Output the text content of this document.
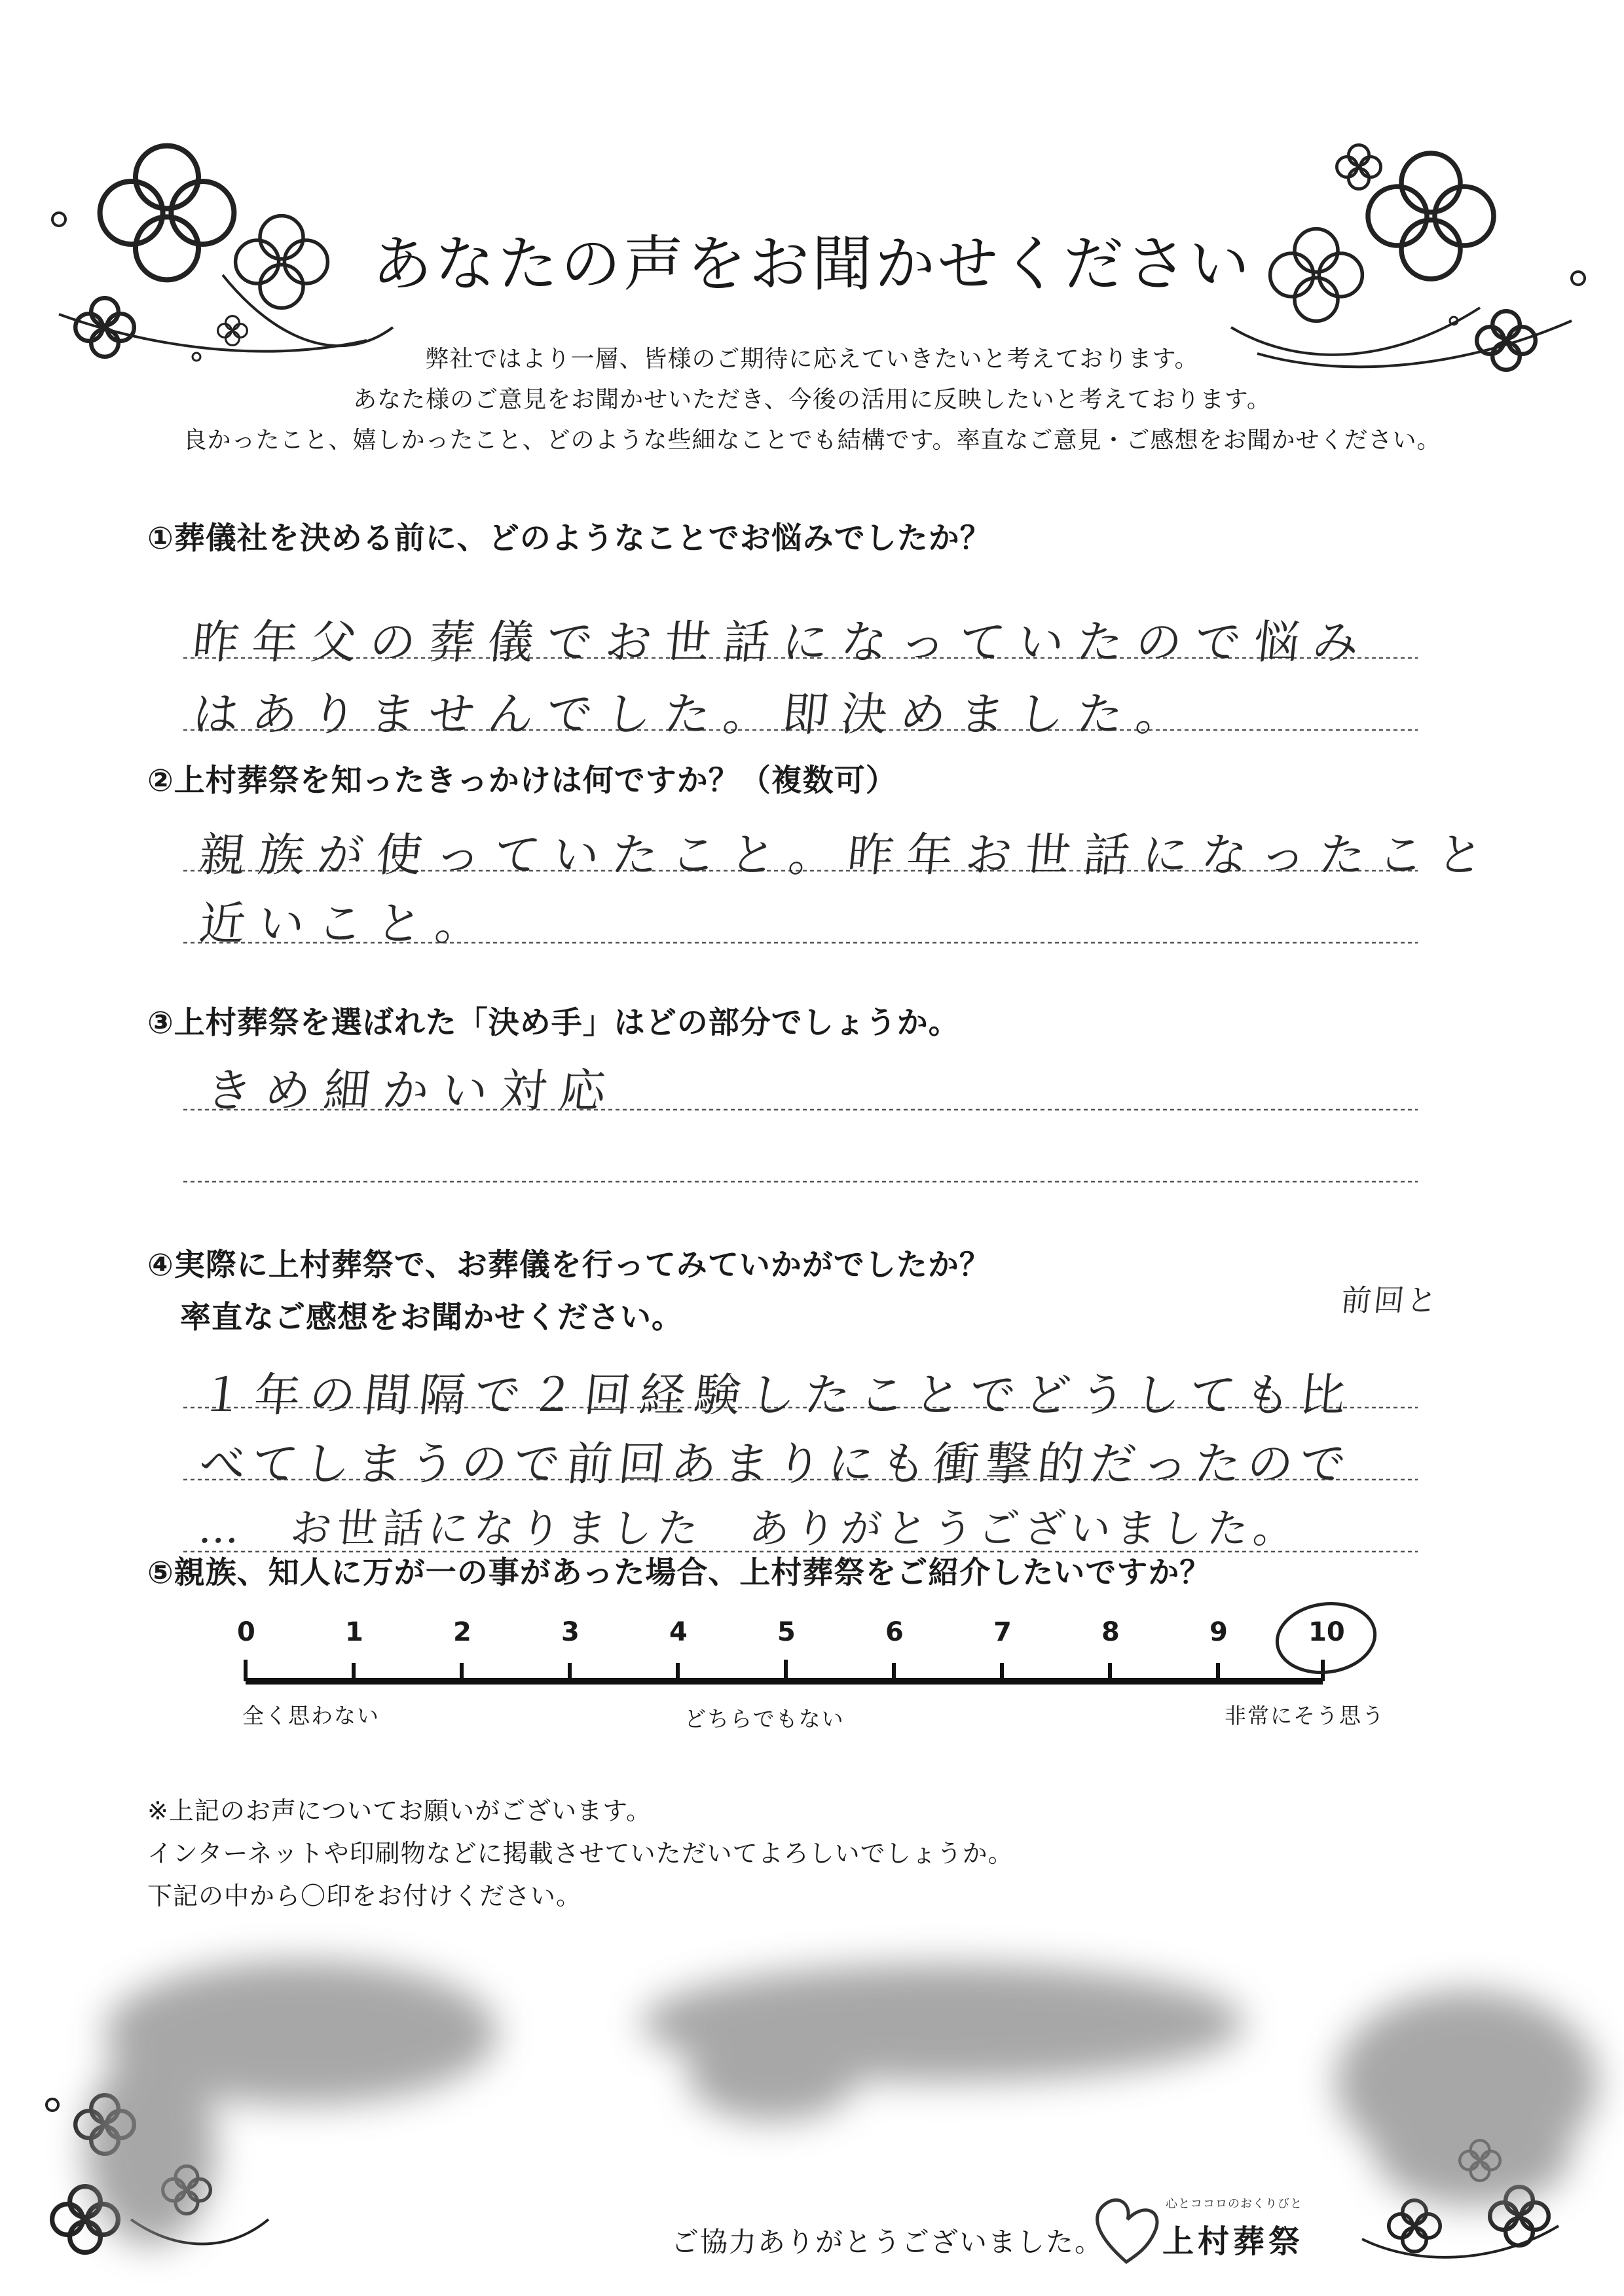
あなたの声をお聞かせください
弊社ではより一層、皆様のご期待に応えていきたいと考えております。
あなた様のご意見をお聞かせいただき、今後の活用に反映したいと考えております。
良かったこと、嬉しかったこと、どのような些細なことでも結構です。率直なご意見・ご感想をお聞かせください。
①葬儀社を決める前に、どのようなことでお悩みでしたか？
昨年父の葬儀でお世話になっていたので悩み
はありませんでした。即決めました。
②上村葬祭を知ったきっかけは何ですか？（複数可）
親族が使っていたこと。昨年お世話になったこと
近いこと。
③上村葬祭を選ばれた「決め手」はどの部分でしょうか。
きめ細かい対応
④実際に上村葬祭で、お葬儀を行ってみていかがでしたか？
率直なご感想をお聞かせください。	前回と
１年の間隔で２回経験したことでどうしても比
べてしまうので前回あまりにも衝撃的だったので
…　お世話になりました　ありがとうございました。
⑤親族、知人に万が一の事があった場合、上村葬祭をご紹介したいですか？
0	1	2	3	4	5	6	7	8	9	10
全く思わない	どちらでもない	非常にそう思う
※上記のお声についてお願いがございます。
インターネットや印刷物などに掲載させていただいてよろしいでしょうか。
下記の中から〇印をお付けください。
ご協力ありがとうございました。
心とココロのおくりびと
上村葬祭
